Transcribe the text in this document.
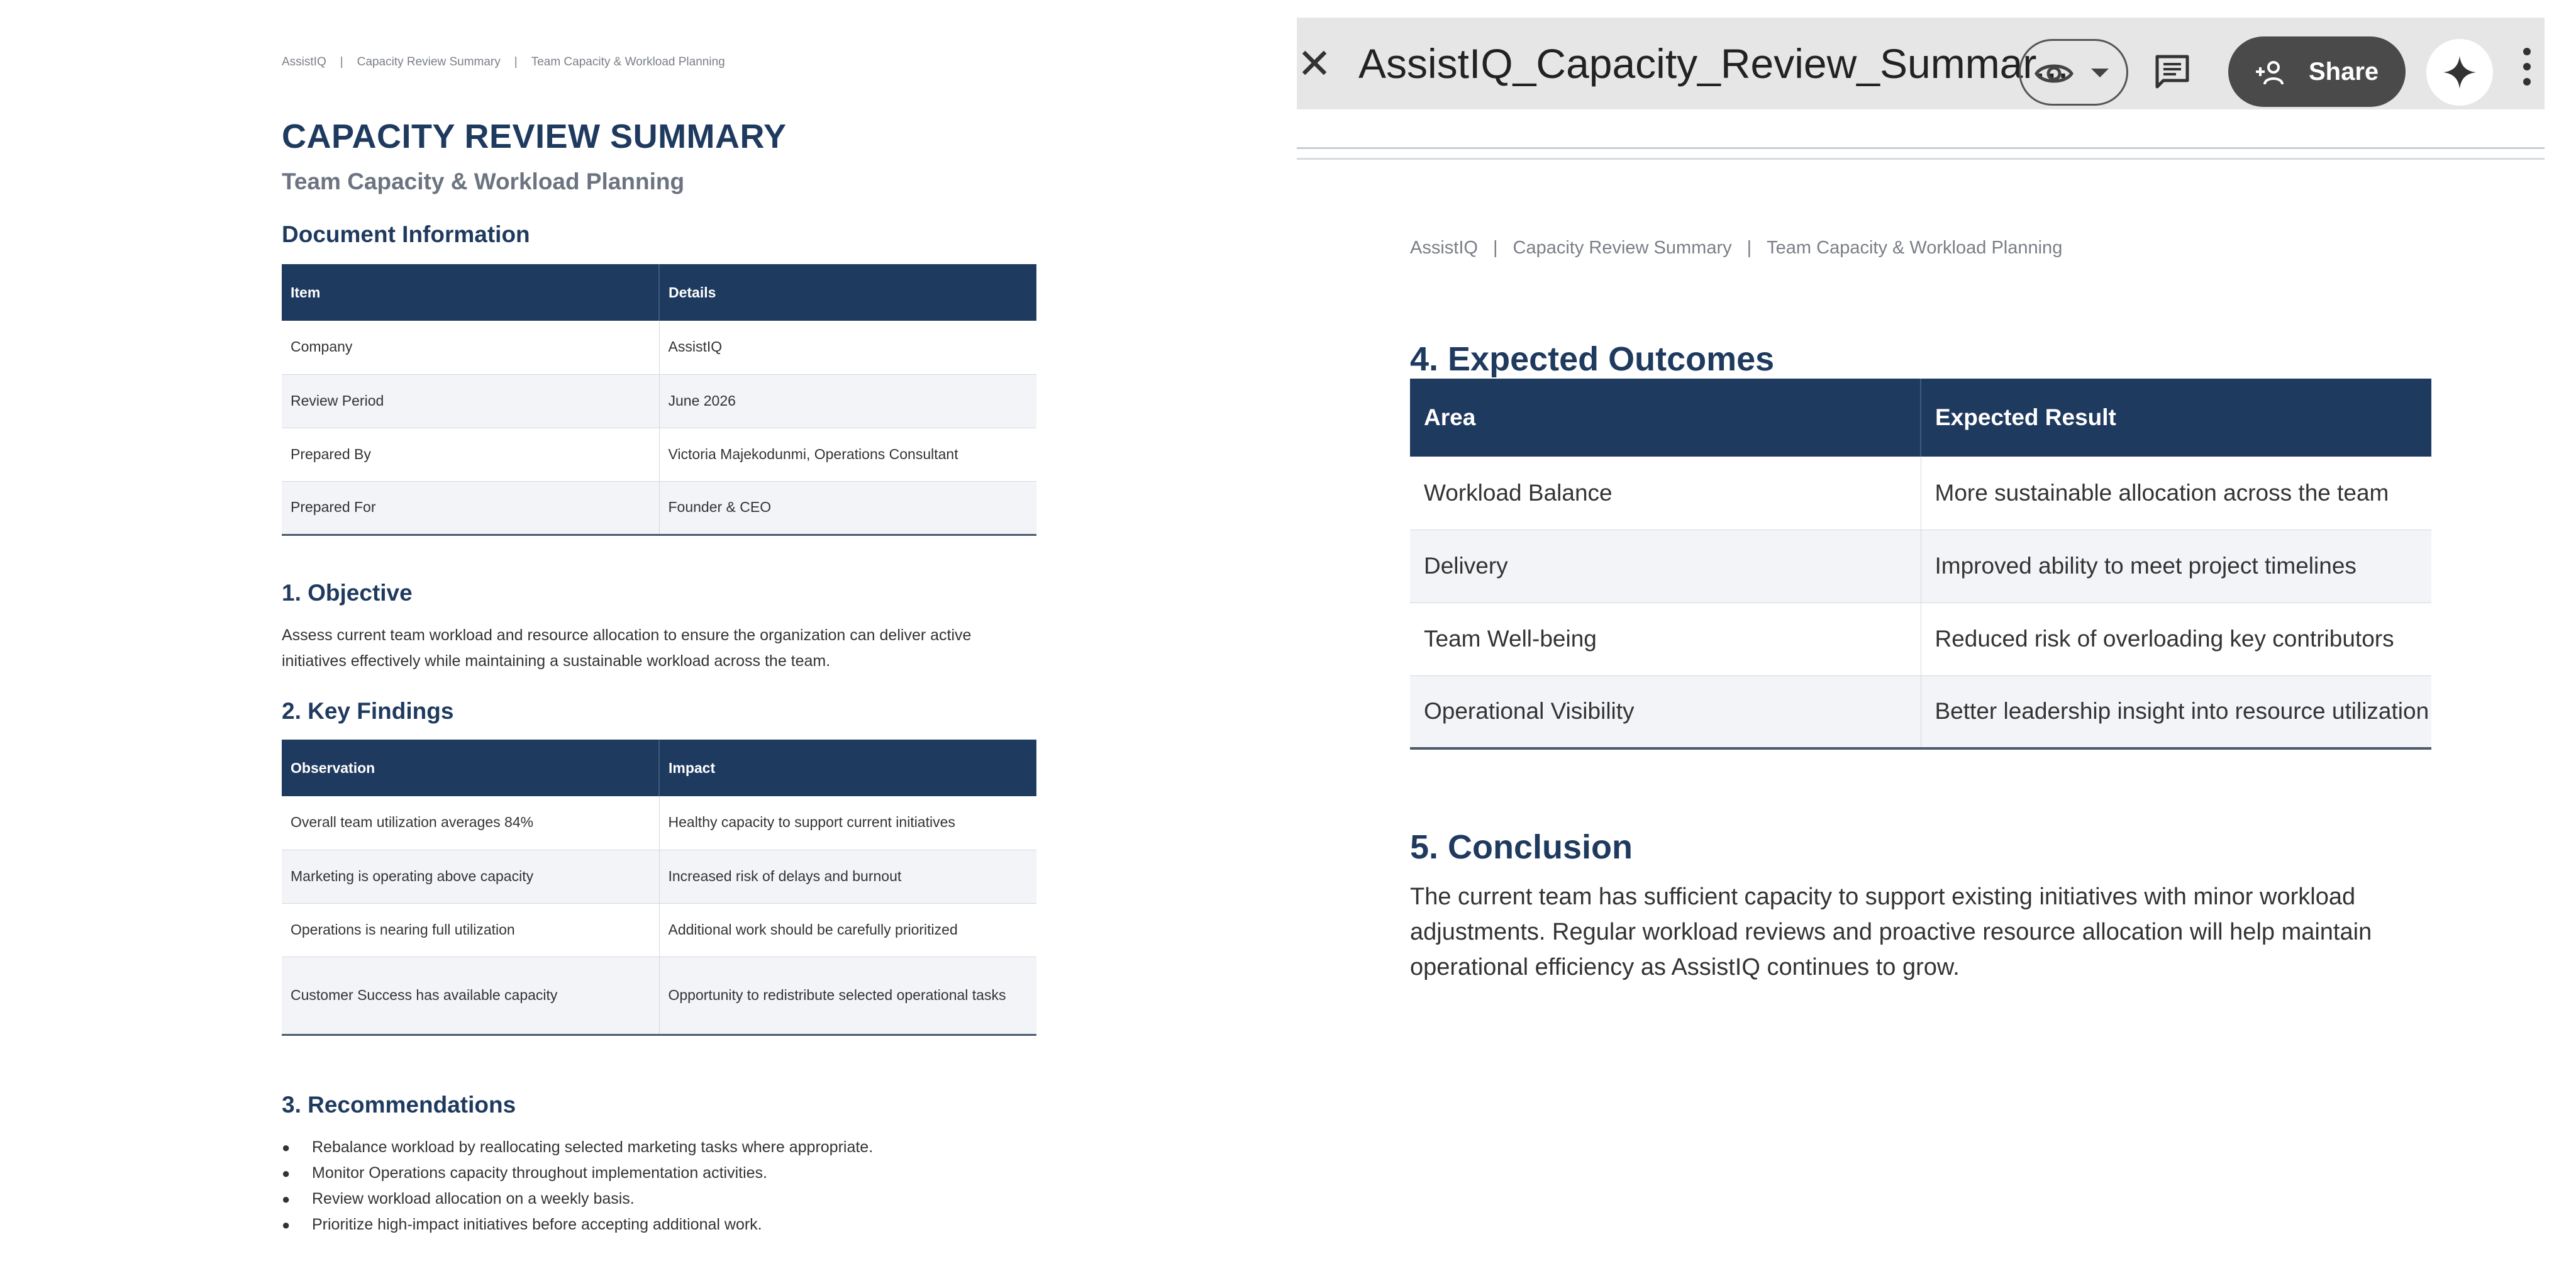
AssistIQ | Capacity Review Summary | Team Capacity & Workload Planning
CAPACITY REVIEW SUMMARY
Team Capacity & Workload Planning
Document Information
Item	Details
Company	AssistIQ
Review Period	June 2026
Prepared By	Victoria Majekodunmi, Operations Consultant
Prepared For	Founder & CEO
1. Objective
Assess current team workload and resource allocation to ensure the organization can deliver active initiatives effectively while maintaining a sustainable workload across the team.
2. Key Findings
Observation	Impact
Overall team utilization averages 84%	Healthy capacity to support current initiatives
Marketing is operating above capacity	Increased risk of delays and burnout
Operations is nearing full utilization	Additional work should be carefully prioritized
Customer Success has available capacity	Opportunity to redistribute selected operational tasks
3. Recommendations
● Rebalance workload by reallocating selected marketing tasks where appropriate.
● Monitor Operations capacity throughout implementation activities.
● Review workload allocation on a weekly basis.
● Prioritize high-impact initiatives before accepting additional work.
✕ AssistIQ_Capacity_Review_Summar...	Share
AssistIQ | Capacity Review Summary | Team Capacity & Workload Planning
4. Expected Outcomes
Area	Expected Result
Workload Balance	More sustainable allocation across the team
Delivery	Improved ability to meet project timelines
Team Well-being	Reduced risk of overloading key contributors
Operational Visibility	Better leadership insight into resource utilization
5. Conclusion
The current team has sufficient capacity to support existing initiatives with minor workload adjustments. Regular workload reviews and proactive resource allocation will help maintain operational efficiency as AssistIQ continues to grow.
